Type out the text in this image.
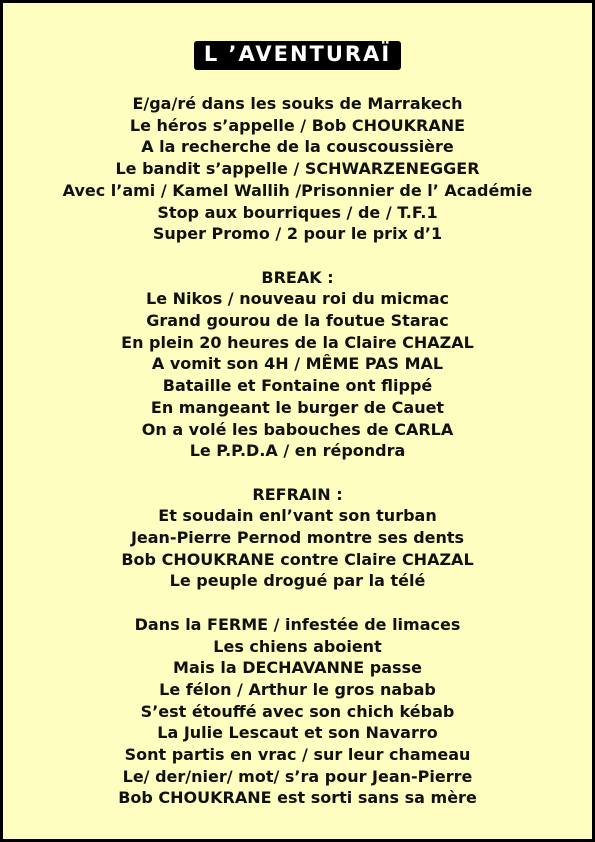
L ’AVENTURAÏ
E/ga/ré dans les souks de Marrakech
Le héros s’appelle / Bob CHOUKRANE
A la recherche de la couscoussière
Le bandit s’appelle / SCHWARZENEGGER
Avec l’ami / Kamel Wallih /Prisonnier de l’ Académie
Stop aux bourriques / de / T.F.1
Super Promo / 2 pour le prix d’1
BREAK :
Le Nikos / nouveau roi du micmac
Grand gourou de la foutue Starac
En plein 20 heures de la Claire CHAZAL
A vomit son 4H / MÊME PAS MAL
Bataille et Fontaine ont flippé
En mangeant le burger de Cauet
On a volé les babouches de CARLA
Le P.P.D.A / en répondra
REFRAIN :
Et soudain enl’vant son turban
Jean-Pierre Pernod montre ses dents
Bob CHOUKRANE contre Claire CHAZAL
Le peuple drogué par la télé
Dans la FERME / infestée de limaces
Les chiens aboient
Mais la DECHAVANNE passe
Le félon / Arthur le gros nabab
S’est étouffé avec son chich kébab
La Julie Lescaut et son Navarro
Sont partis en vrac / sur leur chameau
Le/ der/nier/ mot/ s’ra pour Jean-Pierre
Bob CHOUKRANE est sorti sans sa mère
